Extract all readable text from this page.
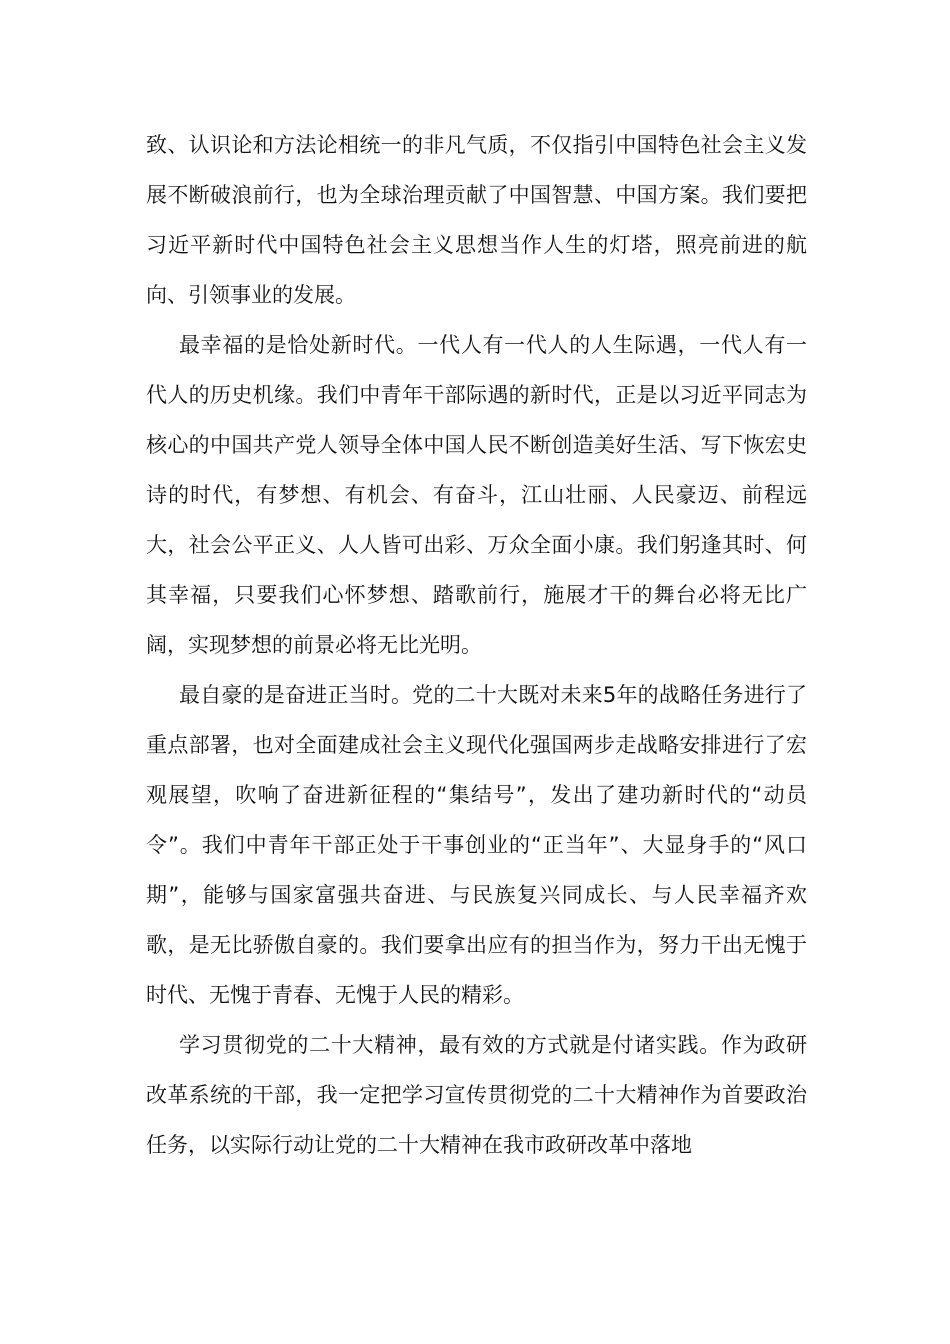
致、认识论和方法论相统一的非凡气质，不仅指引中国特色社会主义发展不断破浪前行，也为全球治理贡献了中国智慧、中国方案。我们要把习近平新时代中国特色社会主义思想当作人生的灯塔，照亮前进的航向、引领事业的发展。

最幸福的是恰处新时代。一代人有一代人的人生际遇，一代人有一代人的历史机缘。我们中青年干部际遇的新时代，正是以习近平同志为核心的中国共产党人领导全体中国人民不断创造美好生活、写下恢宏史诗的时代，有梦想、有机会、有奋斗，江山壮丽、人民豪迈、前程远大，社会公平正义、人人皆可出彩、万众全面小康。我们躬逢其时、何其幸福，只要我们心怀梦想、踏歌前行，施展才干的舞台必将无比广阔，实现梦想的前景必将无比光明。

最自豪的是奋进正当时。党的二十大既对未来5年的战略任务进行了重点部署，也对全面建成社会主义现代化强国两步走战略安排进行了宏观展望，吹响了奋进新征程的“集结号”，发出了建功新时代的“动员令”。我们中青年干部正处于干事创业的“正当年”、大显身手的“风口期”，能够与国家富强共奋进、与民族复兴同成长、与人民幸福齐欢歌，是无比骄傲自豪的。我们要拿出应有的担当作为，努力干出无愧于时代、无愧于青春、无愧于人民的精彩。

学习贯彻党的二十大精神，最有效的方式就是付诸实践。作为政研改革系统的干部，我一定把学习宣传贯彻党的二十大精神作为首要政治任务，以实际行动让党的二十大精神在我市政研改革中落地
